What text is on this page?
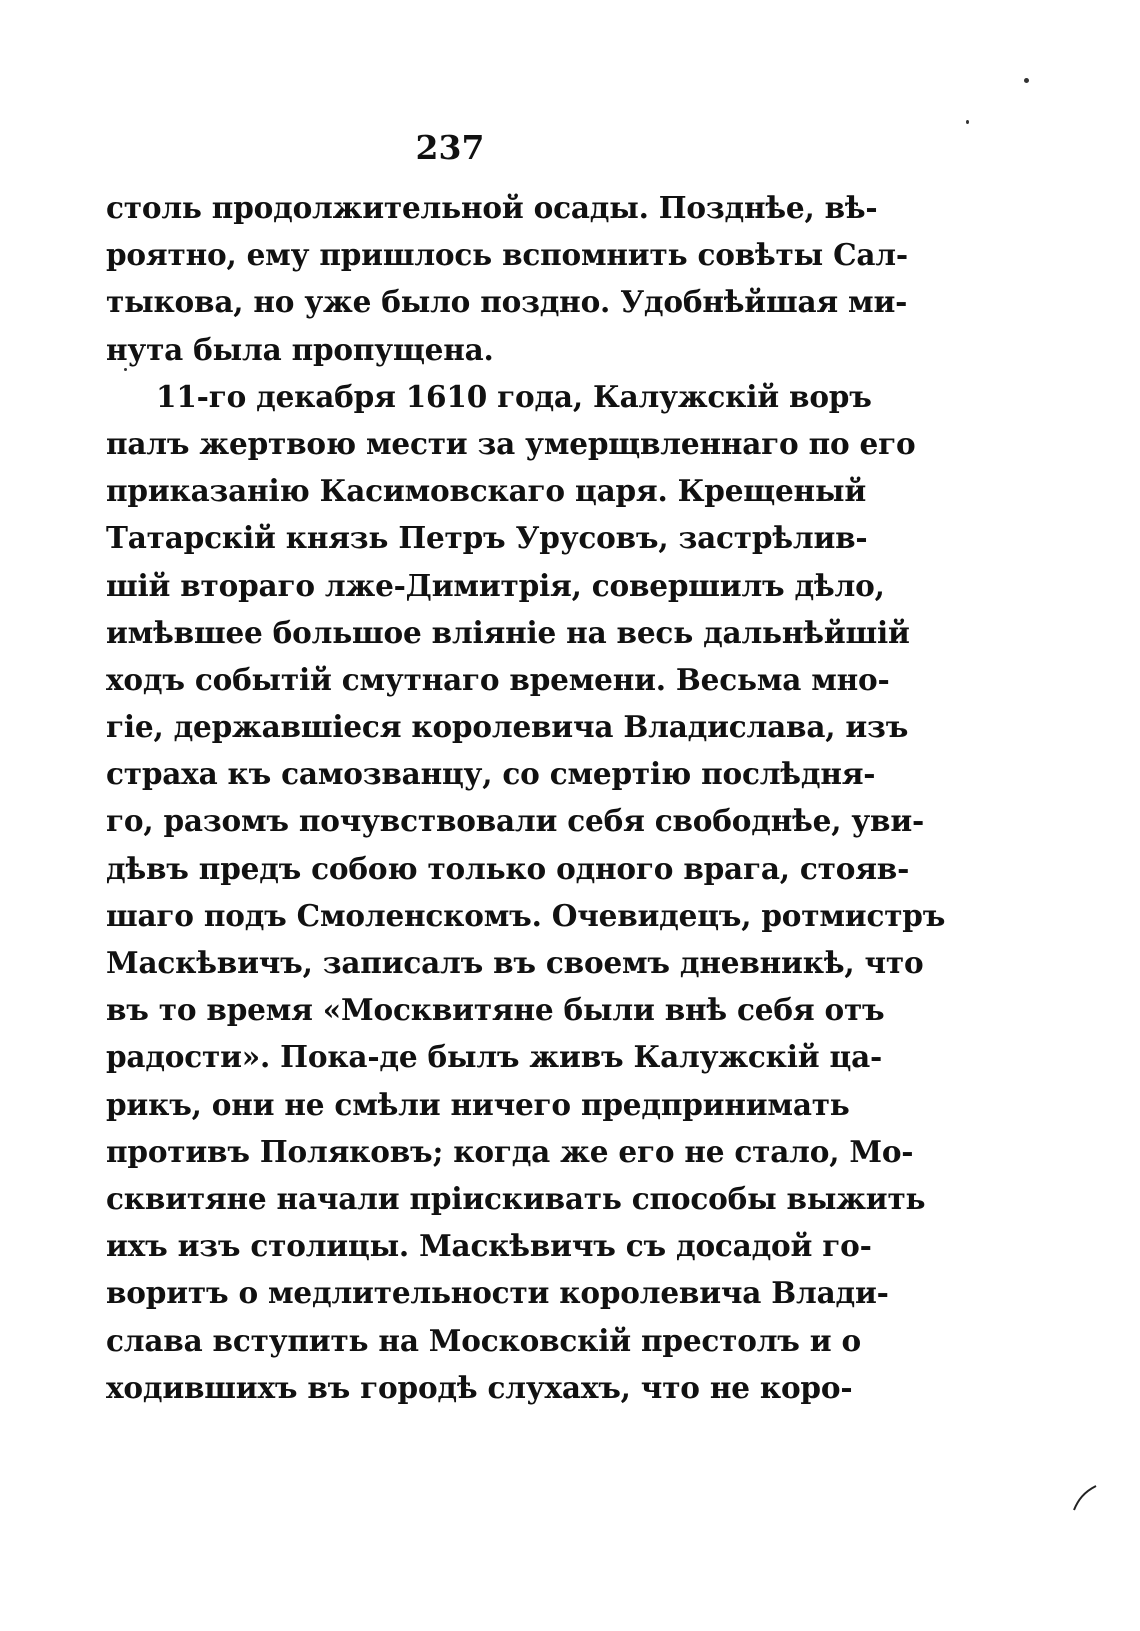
237
столь продолжительной осады. Позднѣе, вѣ-
роятно, ему пришлось вспомнить совѣты Сал-
тыкова, но уже было поздно. Удобнѣйшая ми-
нута была пропущена.
11-го декабря 1610 года, Калужскій воръ
палъ жертвою мести за умерщвленнаго по его
приказанію Касимовскаго царя. Крещеный
Татарскій князь Петръ Урусовъ, застрѣлив-
шій втораго лже-Димитрія, совершилъ дѣло,
имѣвшее большое вліяніе на весь дальнѣйшій
ходъ событій смутнаго времени. Весьма мно-
гіе, державшіеся королевича Владислава, изъ
страха къ самозванцу, со смертію послѣдня-
го, разомъ почувствовали себя свободнѣе, уви-
дѣвъ предъ собою только одного врага, стояв-
шаго подъ Смоленскомъ. Очевидецъ, ротмистръ
Маскѣвичъ, записалъ въ своемъ дневникѣ, что
въ то время «Москвитяне были внѣ себя отъ
радости». Пока-де былъ живъ Калужскій ца-
рикъ, они не смѣли ничего предпринимать
противъ Поляковъ; когда же его не стало, Мо-
сквитяне начали пріискивать способы выжить
ихъ изъ столицы. Маскѣвичъ съ досадой го-
воритъ о медлительности королевича Влади-
слава вступить на Московскій престолъ и о
ходившихъ въ городѣ слухахъ, что не коро-
